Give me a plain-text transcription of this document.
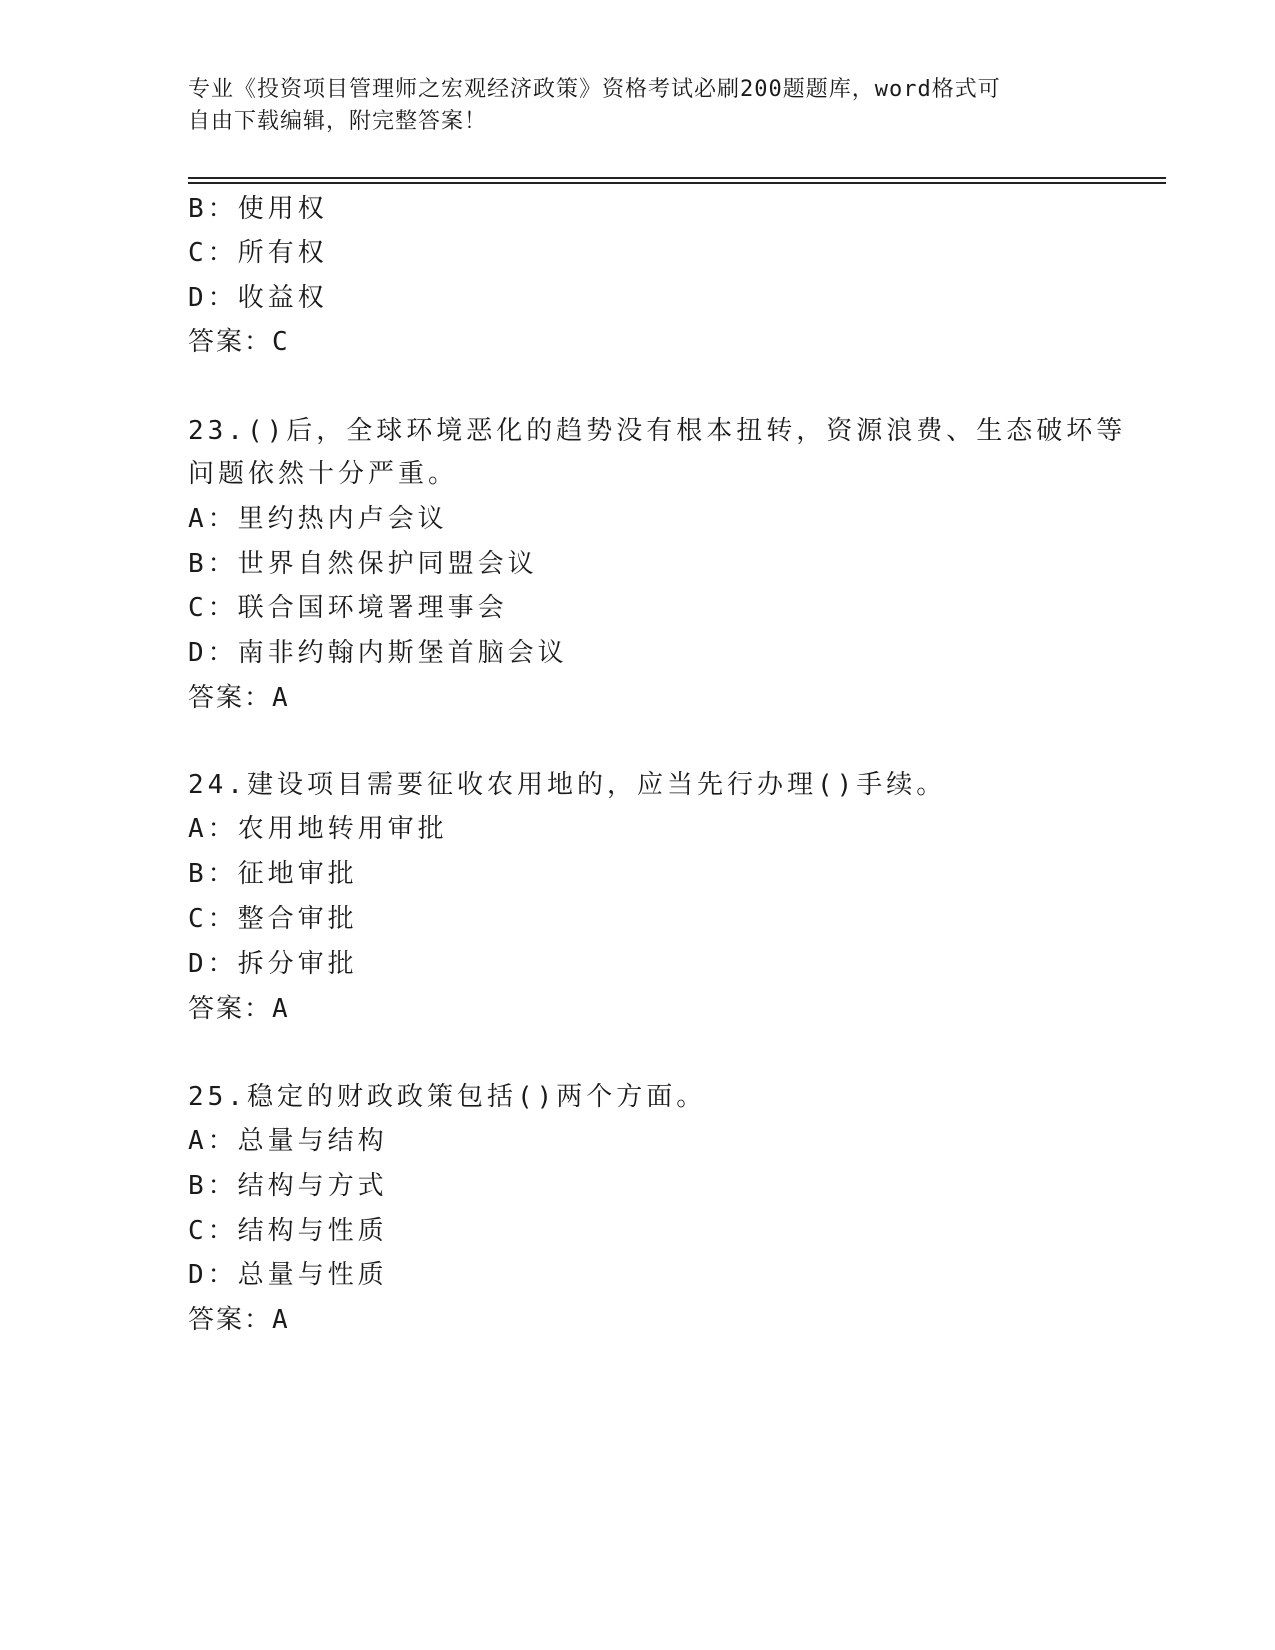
专业《投资项目管理师之宏观经济政策》资格考试必刷200题题库，word格式可
自由下载编辑，附完整答案！
B：使用权
C：所有权
D：收益权
答案：C
23.()后，全球环境恶化的趋势没有根本扭转，资源浪费、生态破坏等
问题依然十分严重。
A：里约热内卢会议
B：世界自然保护同盟会议
C：联合国环境署理事会
D：南非约翰内斯堡首脑会议
答案：A
24.建设项目需要征收农用地的，应当先行办理()手续。
A：农用地转用审批
B：征地审批
C：整合审批
D：拆分审批
答案：A
25.稳定的财政政策包括()两个方面。
A：总量与结构
B：结构与方式
C：结构与性质
D：总量与性质
答案：A
